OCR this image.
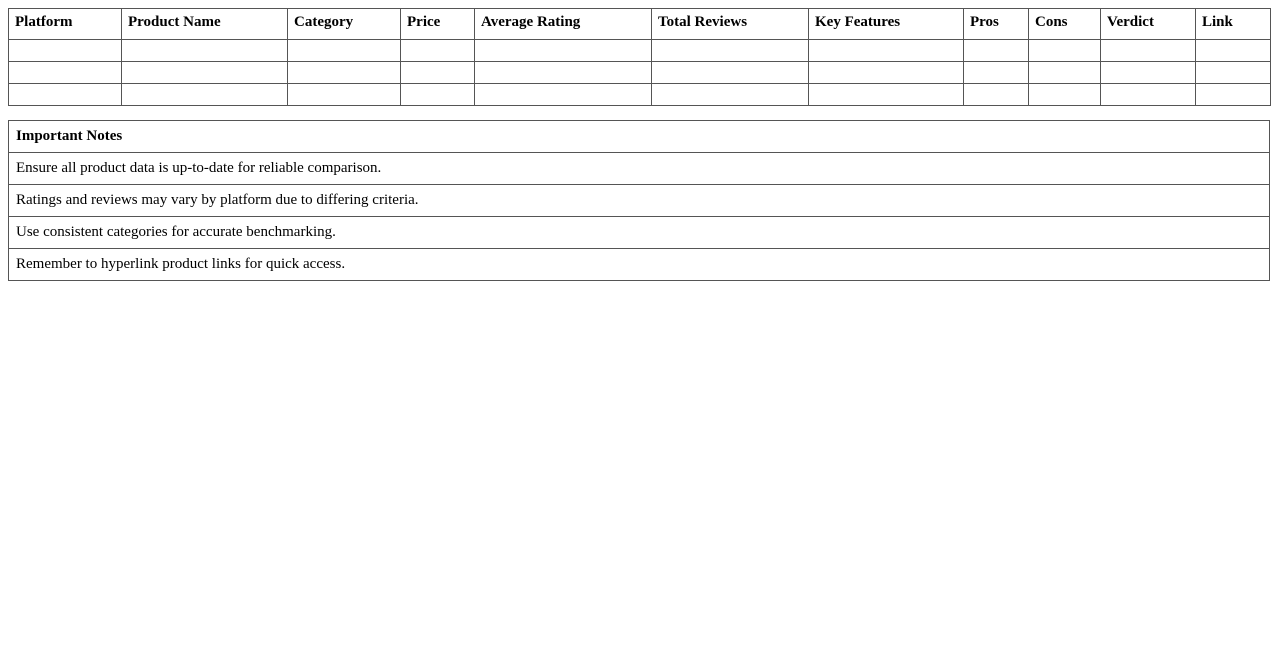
Platform	Product Name	Category	Price	Average Rating	Total Reviews	Key Features	Pros	Cons	Verdict	Link

Important Notes
Ensure all product data is up-to-date for reliable comparison.
Ratings and reviews may vary by platform due to differing criteria.
Use consistent categories for accurate benchmarking.
Remember to hyperlink product links for quick access.
